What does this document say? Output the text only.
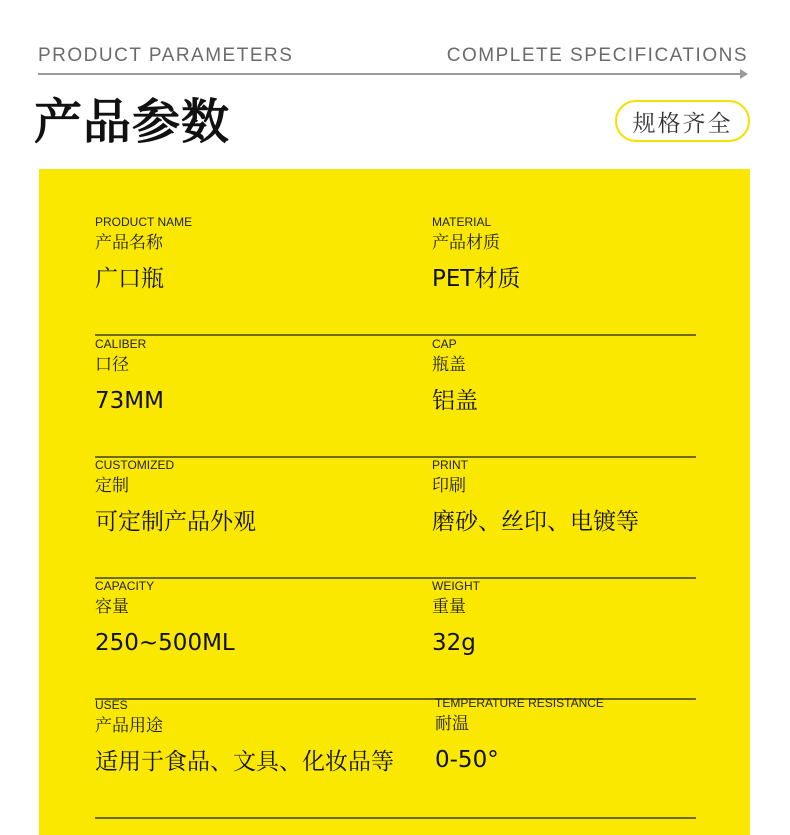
PRODUCT PARAMETERS	COMPLETE SPECIFICATIONS
产品参数	规格齐全
PRODUCT NAME
产品名称
广口瓶
MATERIAL
产品材质
PET材质
CALIBER
口径
73MM
CAP
瓶盖
铝盖
CUSTOMIZED
定制
可定制产品外观
PRINT
印刷
磨砂、丝印、电镀等
CAPACITY
容量
250~500ML
WEIGHT
重量
32g
USES
产品用途
适用于食品、文具、化妆品等
TEMPERATURE RESISTANCE
耐温
0-50°
